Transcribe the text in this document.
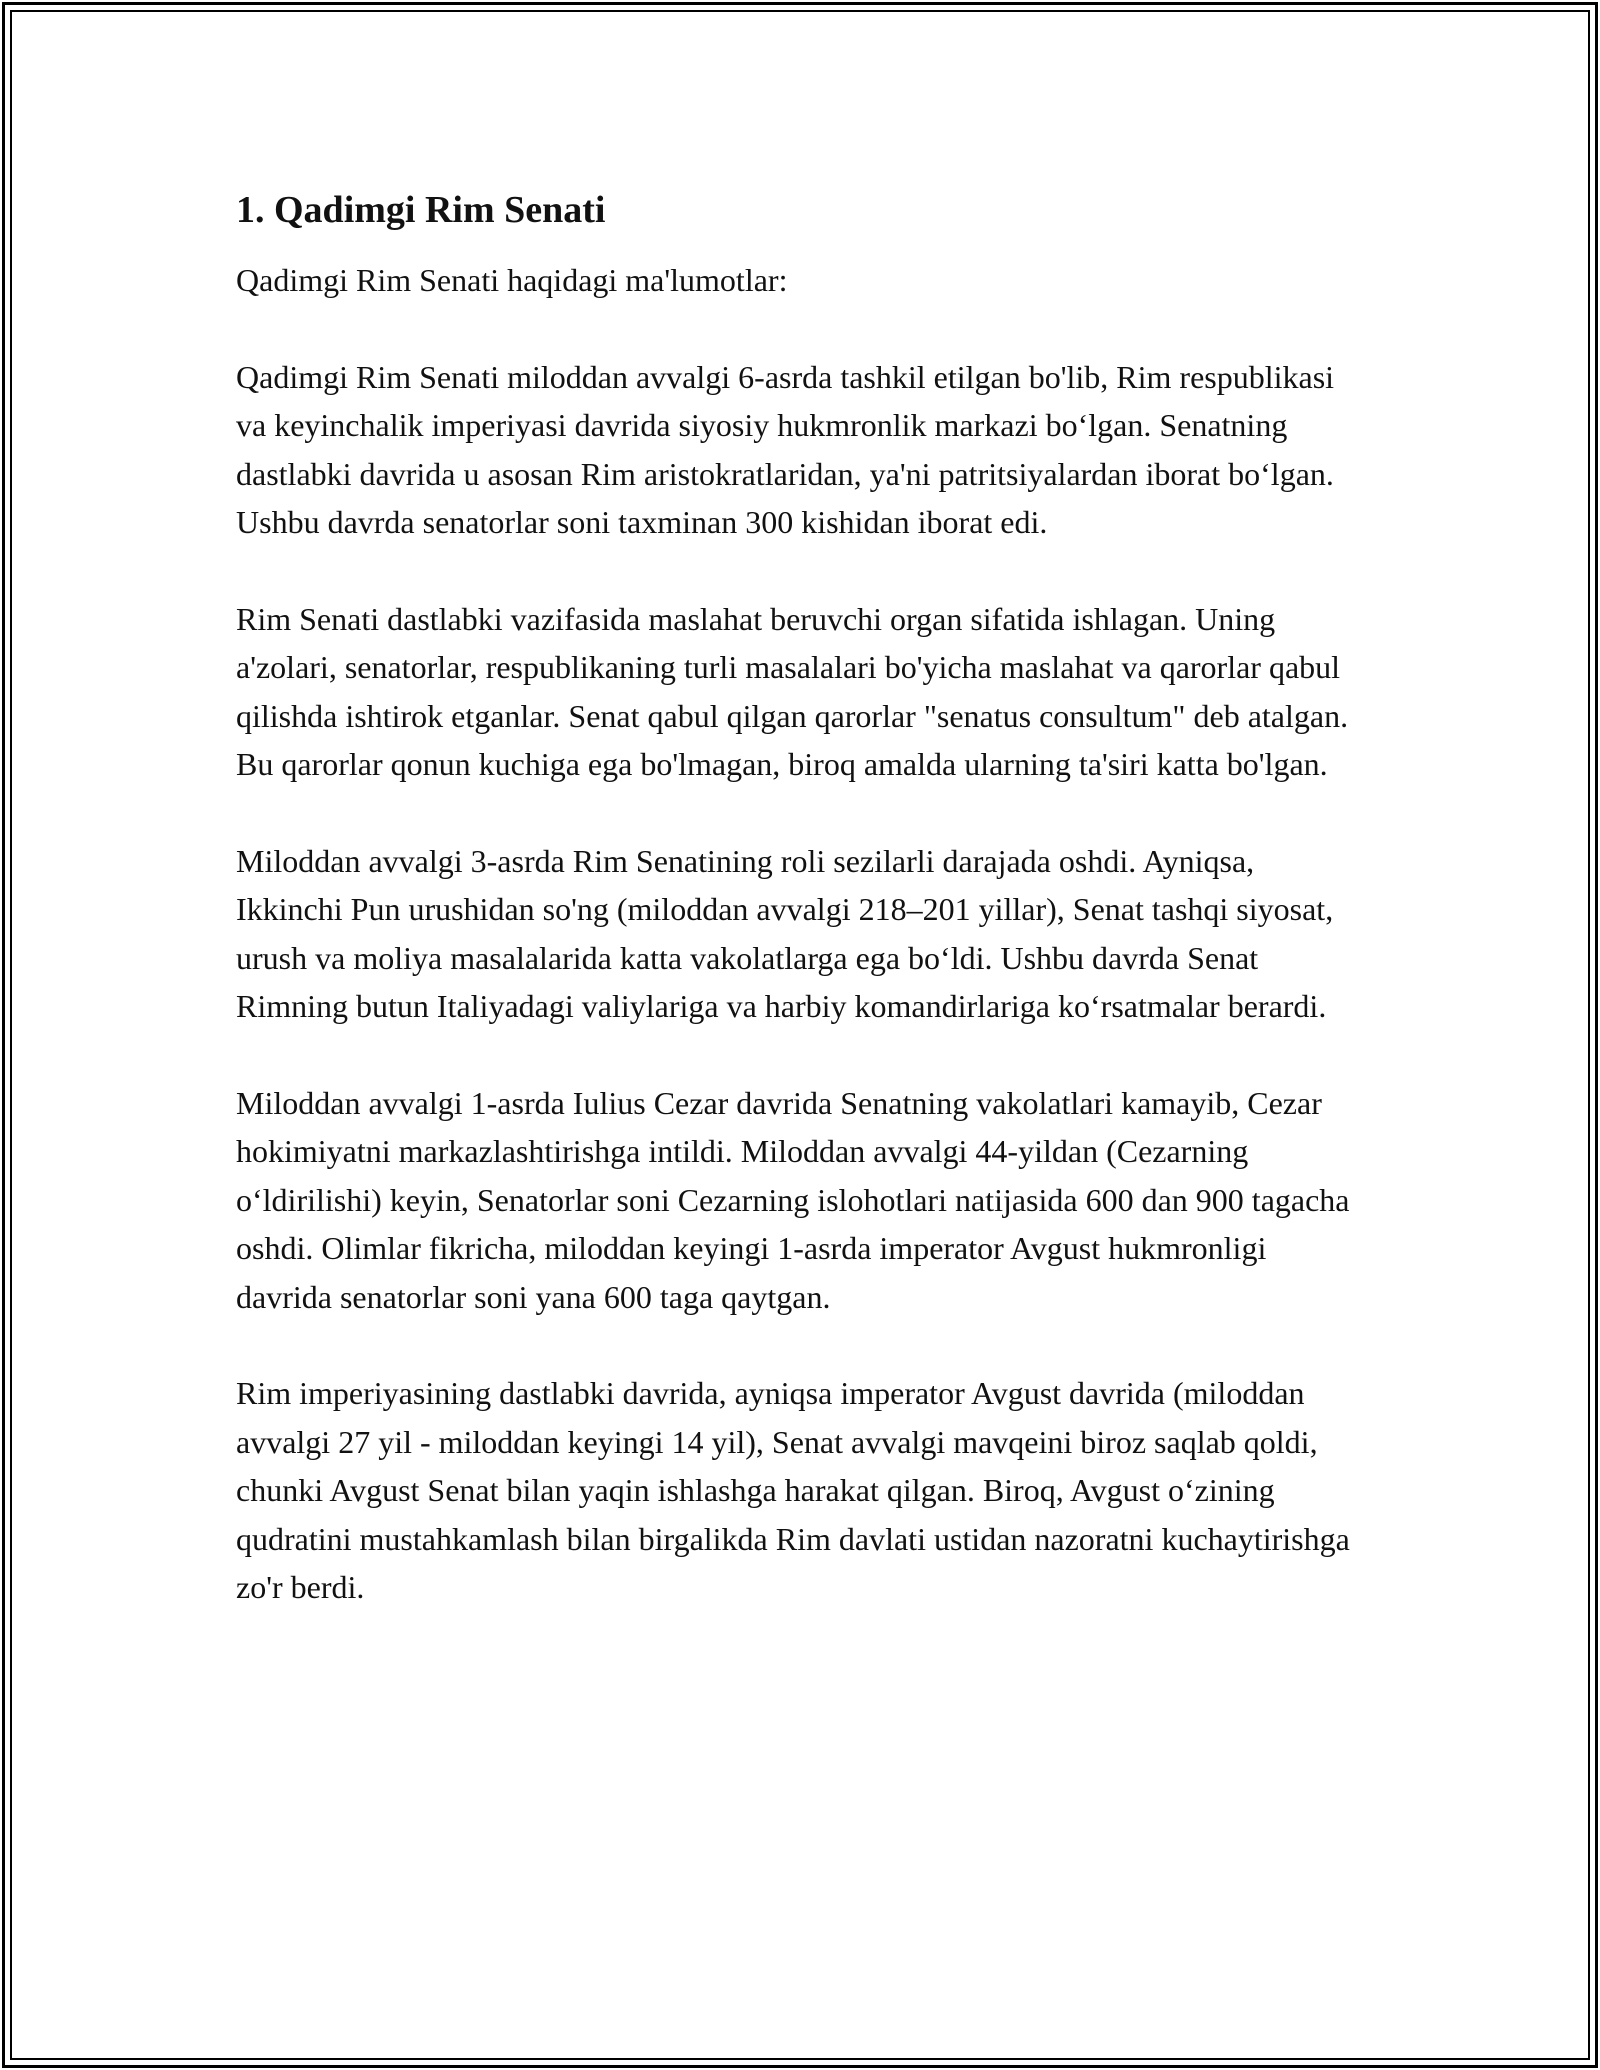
1. Qadimgi Rim Senati

Qadimgi Rim Senati haqidagi ma'lumotlar:

Qadimgi Rim Senati miloddan avvalgi 6-asrda tashkil etilgan bo'lib, Rim respublikasi va keyinchalik imperiyasi davrida siyosiy hukmronlik markazi bo‘lgan. Senatning dastlabki davrida u asosan Rim aristokratlaridan, ya'ni patritsiyalardan iborat bo‘lgan. Ushbu davrda senatorlar soni taxminan 300 kishidan iborat edi.

Rim Senati dastlabki vazifasida maslahat beruvchi organ sifatida ishlagan. Uning a'zolari, senatorlar, respublikaning turli masalalari bo'yicha maslahat va qarorlar qabul qilishda ishtirok etganlar. Senat qabul qilgan qarorlar "senatus consultum" deb atalgan. Bu qarorlar qonun kuchiga ega bo'lmagan, biroq amalda ularning ta'siri katta bo'lgan.

Miloddan avvalgi 3-asrda Rim Senatining roli sezilarli darajada oshdi. Ayniqsa, Ikkinchi Pun urushidan so'ng (miloddan avvalgi 218–201 yillar), Senat tashqi siyosat, urush va moliya masalalarida katta vakolatlarga ega bo‘ldi. Ushbu davrda Senat Rimning butun Italiyadagi valiylariga va harbiy komandirlariga ko‘rsatmalar berardi.

Miloddan avvalgi 1-asrda Iulius Cezar davrida Senatning vakolatlari kamayib, Cezar hokimiyatni markazlashtirishga intildi. Miloddan avvalgi 44-yildan (Cezarning o‘ldirilishi) keyin, Senatorlar soni Cezarning islohotlari natijasida 600 dan 900 tagacha oshdi. Olimlar fikricha, miloddan keyingi 1-asrda imperator Avgust hukmronligi davrida senatorlar soni yana 600 taga qaytgan.

Rim imperiyasining dastlabki davrida, ayniqsa imperator Avgust davrida (miloddan avvalgi 27 yil - miloddan keyingi 14 yil), Senat avvalgi mavqeini biroz saqlab qoldi, chunki Avgust Senat bilan yaqin ishlashga harakat qilgan. Biroq, Avgust o‘zining qudratini mustahkamlash bilan birgalikda Rim davlati ustidan nazoratni kuchaytirishga zo'r berdi.
